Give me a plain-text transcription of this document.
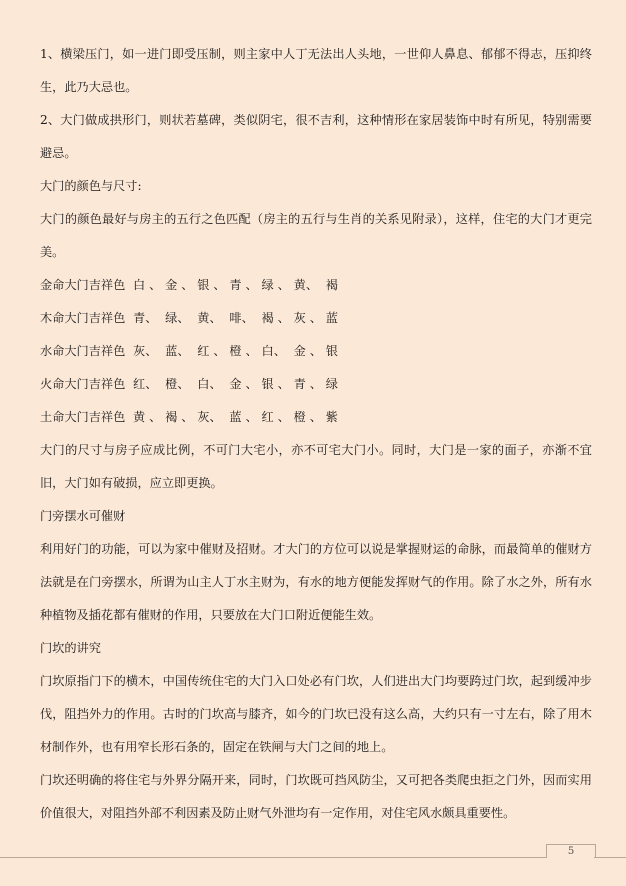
1、横梁压门，如一进门即受压制，则主家中人丁无法出人头地，一世仰人鼻息、郁郁不得志，压抑终生，此乃大忌也。

2、大门做成拱形门，则状若墓碑，类似阴宅，很不吉利，这种情形在家居装饰中时有所见，特别需要避忌。

大门的颜色与尺寸:

大门的颜色最好与房主的五行之色匹配（房主的五行与生肖的关系见附录），这样，住宅的大门才更完美。

金命大门吉祥色  白 、 金 、 银 、 青 、 绿 、 黄、  褐

木命大门吉祥色  青、  绿、  黄、  啡、  褐 、 灰 、 蓝

水命大门吉祥色  灰、  蓝、  红 、 橙 、 白、  金 、 银

火命大门吉祥色  红、  橙、  白、  金 、 银 、 青 、 绿

土命大门吉祥色  黄 、 褐 、 灰、  蓝 、 红 、 橙 、 紫

大门的尺寸与房子应成比例，不可门大宅小，亦不可宅大门小。同时，大门是一家的面子，亦渐不宜旧，大门如有破损，应立即更换。

门旁摆水可催财

利用好门的功能，可以为家中催财及招财。才大门的方位可以说是掌握财运的命脉，而最简单的催财方法就是在门旁摆水，所谓为山主人丁水主财为，有水的地方便能发挥财气的作用。除了水之外，所有水种植物及插花都有催财的作用，只要放在大门口附近便能生效。

门坎的讲究

门坎原指门下的横木，中国传统住宅的大门入口处必有门坎，人们进出大门均要跨过门坎，起到缓冲步伐，阻挡外力的作用。古时的门坎高与膝齐，如今的门坎已没有这么高，大约只有一寸左右，除了用木材制作外，也有用窄长形石条的，固定在铁闸与大门之间的地上。

门坎还明确的将住宅与外界分隔开来，同时，门坎既可挡风防尘，又可把各类爬虫拒之门外，因而实用价值很大，对阻挡外部不利因素及防止财气外泄均有一定作用，对住宅风水颇具重要性。

5
